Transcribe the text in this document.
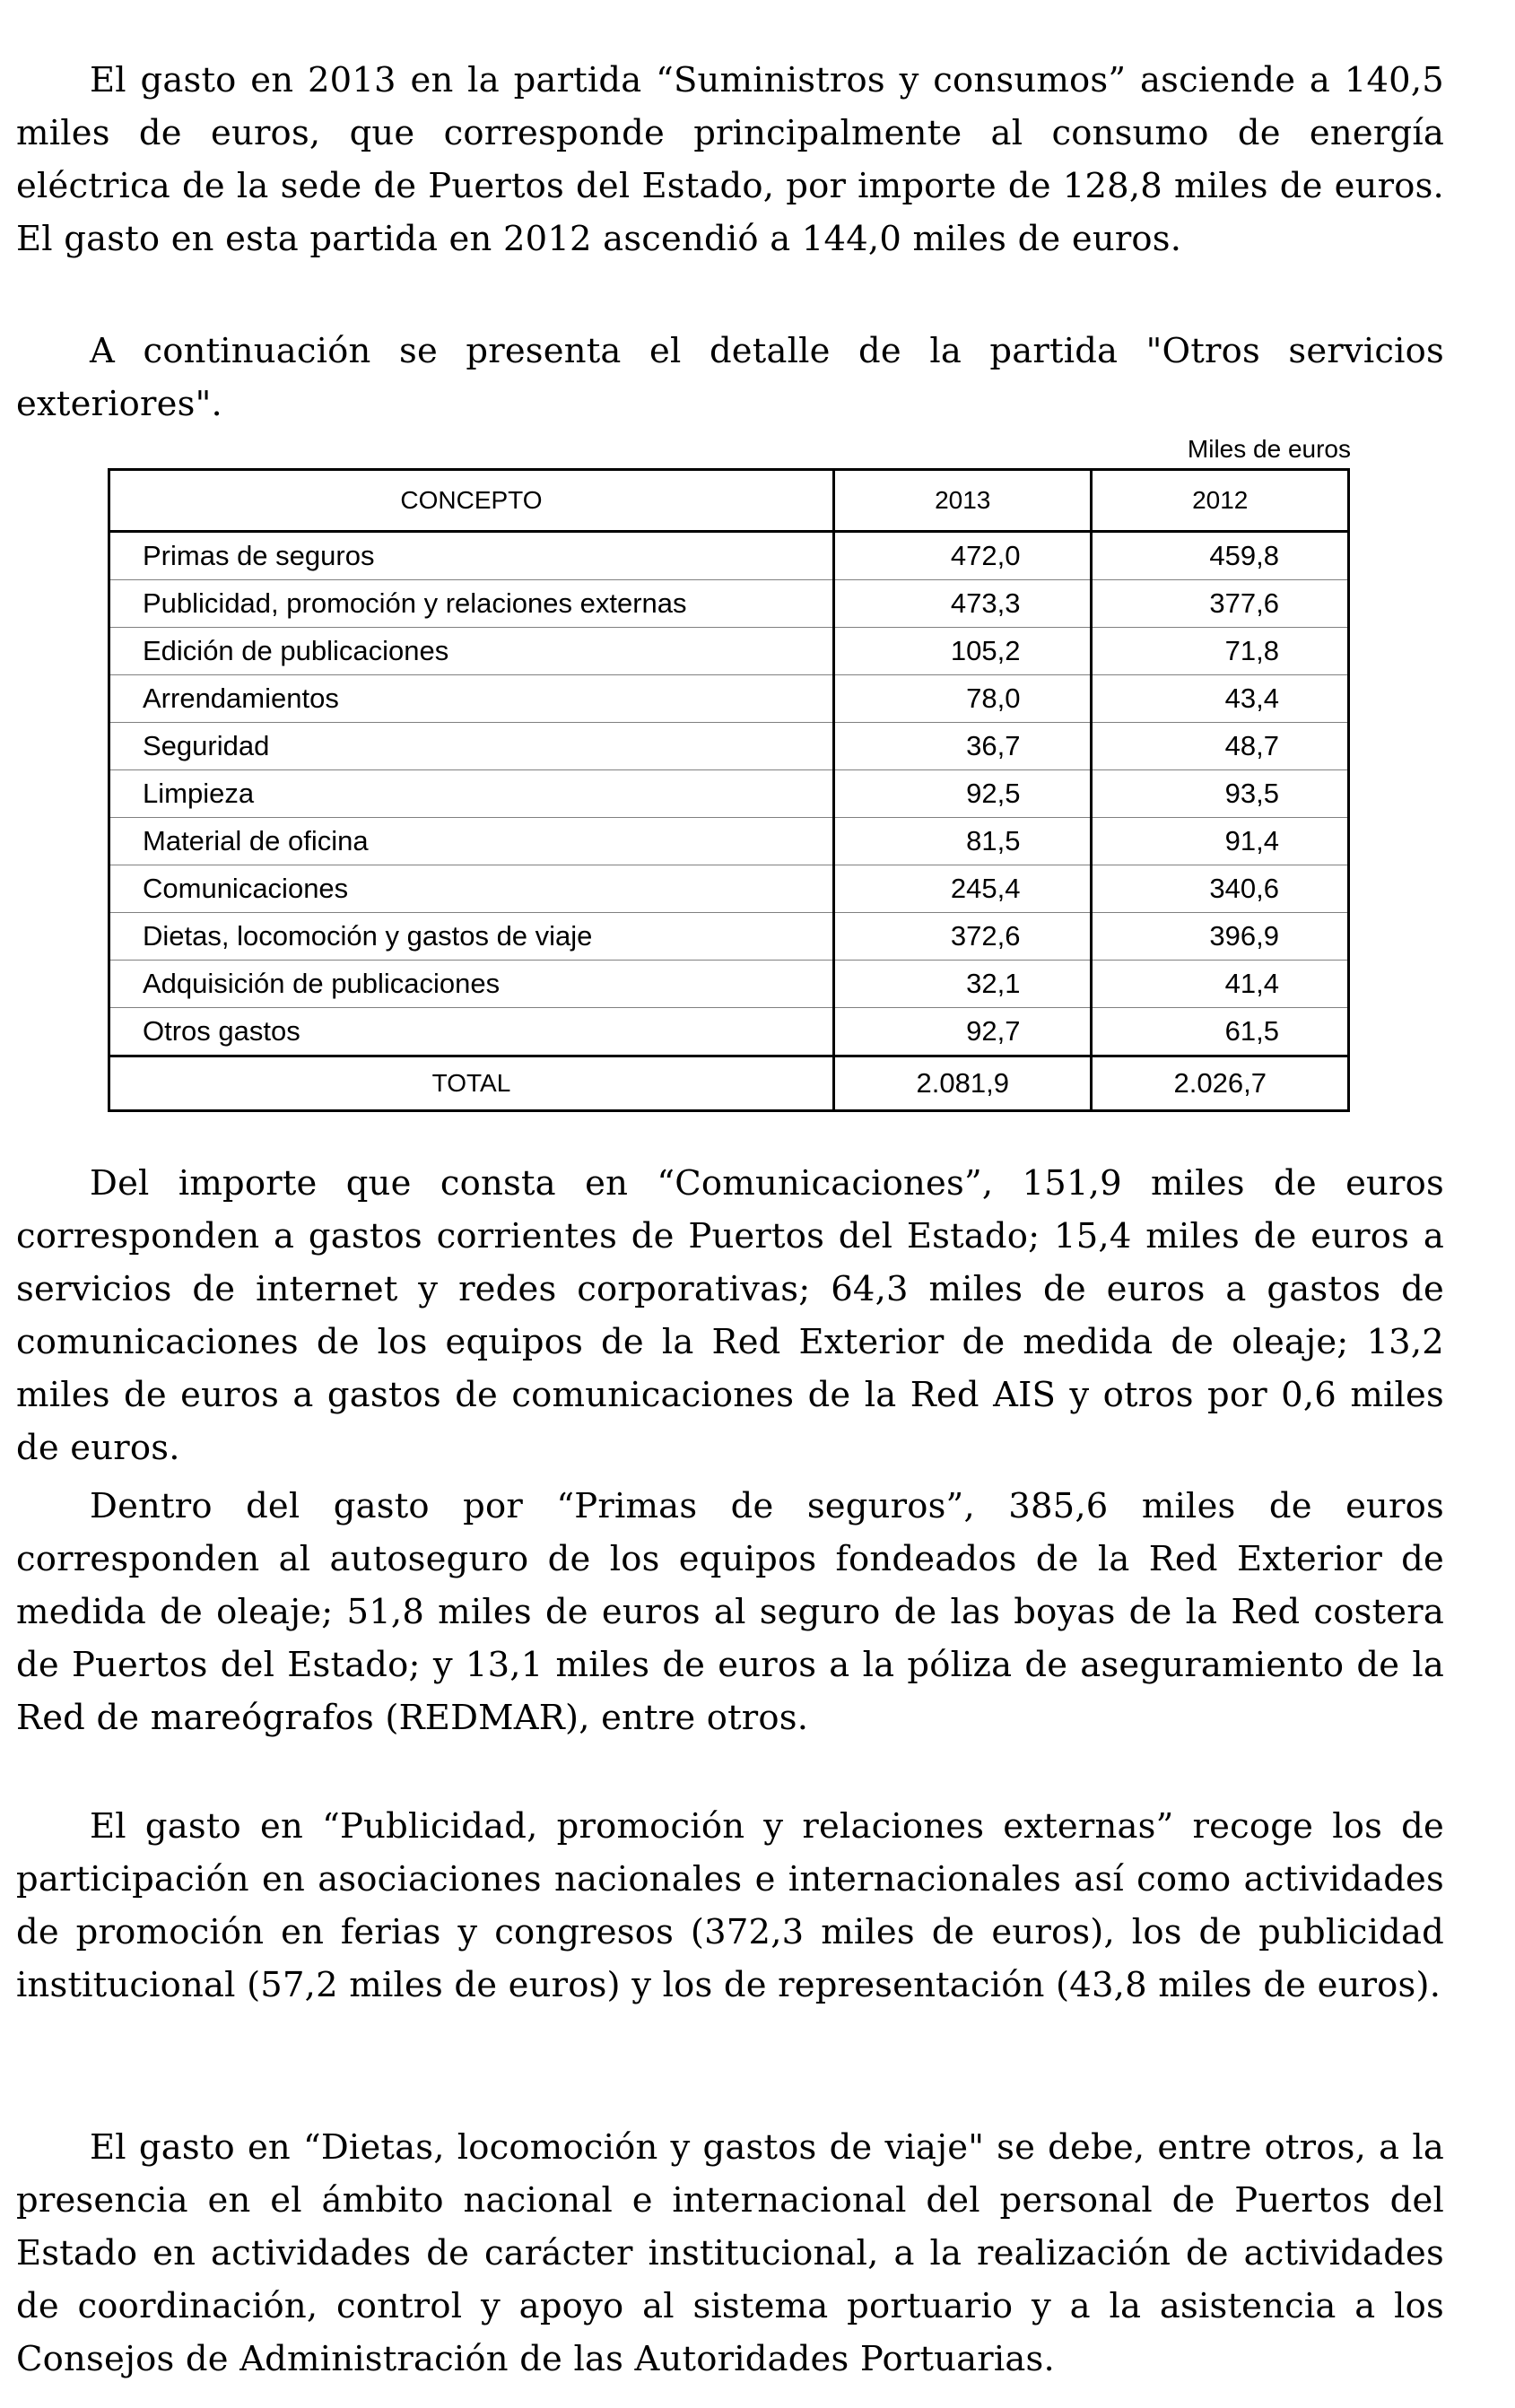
El gasto en 2013 en la partida “Suministros y consumos” asciende a 140,5 miles de euros, que corresponde principalmente al consumo de energía eléctrica de la sede de Puertos del Estado, por importe de 128,8 miles de euros. El gasto en esta partida en 2012 ascendió a 144,0 miles de euros.

A continuación se presenta el detalle de la partida "Otros servicios exteriores".

Miles de euros
CONCEPTO	2013	2012
Primas de seguros	472,0	459,8
Publicidad, promoción y relaciones externas	473,3	377,6
Edición de publicaciones	105,2	71,8
Arrendamientos	78,0	43,4
Seguridad	36,7	48,7
Limpieza	92,5	93,5
Material de oficina	81,5	91,4
Comunicaciones	245,4	340,6
Dietas, locomoción y gastos de viaje	372,6	396,9
Adquisición de publicaciones	32,1	41,4
Otros gastos	92,7	61,5
TOTAL	2.081,9	2.026,7

Del importe que consta en “Comunicaciones”, 151,9 miles de euros corresponden a gastos corrientes de Puertos del Estado; 15,4 miles de euros a servicios de internet y redes corporativas; 64,3 miles de euros a gastos de comunicaciones de los equipos de la Red Exterior de medida de oleaje; 13,2 miles de euros a gastos de comunicaciones de la Red AIS y otros por 0,6 miles de euros.

Dentro del gasto por “Primas de seguros”, 385,6 miles de euros corresponden al autoseguro de los equipos fondeados de la Red Exterior de medida de oleaje; 51,8 miles de euros al seguro de las boyas de la Red costera de Puertos del Estado; y 13,1 miles de euros a la póliza de aseguramiento de la Red de mareógrafos (REDMAR), entre otros.

El gasto en “Publicidad, promoción y relaciones externas” recoge los de participación en asociaciones nacionales e internacionales así como actividades de promoción en ferias y congresos (372,3 miles de euros), los de publicidad institucional (57,2 miles de euros) y los de representación (43,8 miles de euros).

El gasto en “Dietas, locomoción y gastos de viaje" se debe, entre otros, a la presencia en el ámbito nacional e internacional del personal de Puertos del Estado en actividades de carácter institucional, a la realización de actividades de coordinación, control y apoyo al sistema portuario y a la asistencia a los Consejos de Administración de las Autoridades Portuarias.
